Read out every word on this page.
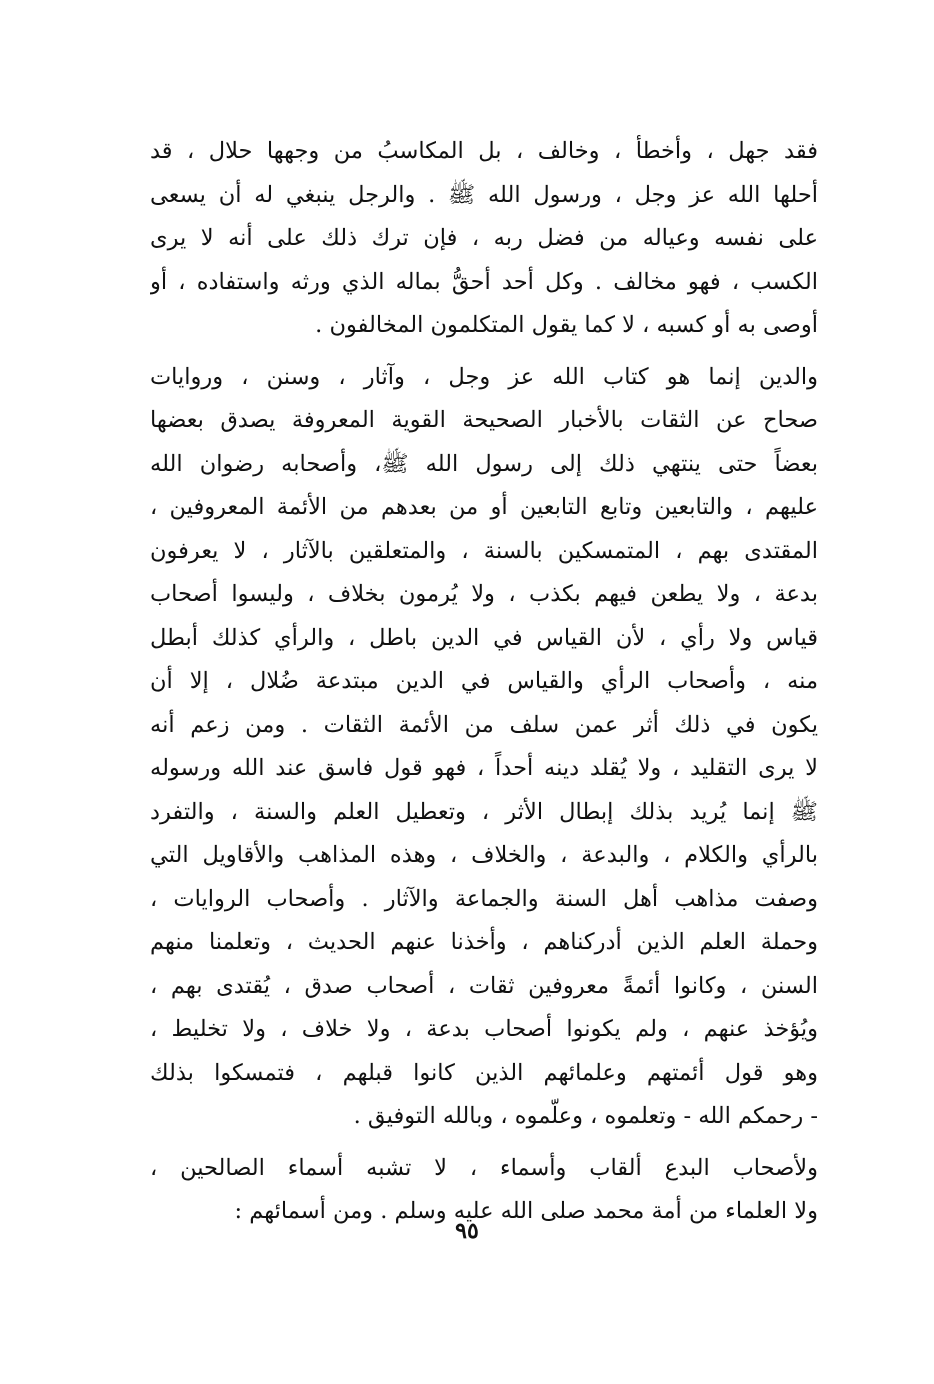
فقد جهل ، وأخطأ ، وخالف ، بل المكاسبُ من وجهها حلال ، قد
أحلها الله عز وجل ، ورسول الله ﷺ . والرجل ينبغي له أن يسعى
على نفسه وعياله من فضل ربه ، فإن ترك ذلك على أنه لا يرى
الكسب ، فهو مخالف . وكل أحد أحقُّ بماله الذي ورثه واستفاده ، أو
أوصى به أو كسبه ، لا كما يقول المتكلمون المخالفون .
والدين إنما هو كتاب الله عز وجل ، وآثار ، وسنن ، وروايات
صحاح عن الثقات بالأخبار الصحيحة القوية المعروفة يصدق بعضها
بعضاً حتى ينتهي ذلك إلى رسول الله ﷺ، وأصحابه رضوان الله
عليهم ، والتابعين وتابع التابعين أو من بعدهم من الأئمة المعروفين ،
المقتدى بهم ، المتمسكين بالسنة ، والمتعلقين بالآثار ، لا يعرفون
بدعة ، ولا يطعن فيهم بكذب ، ولا يُرمون بخلاف ، وليسوا أصحاب
قياس ولا رأي ، لأن القياس في الدين باطل ، والرأي كذلك أبطل
منه ، وأصحاب الرأي والقياس في الدين مبتدعة ضُلال ، إلا أن
يكون في ذلك أثر عمن سلف من الأئمة الثقات . ومن زعم أنه
لا يرى التقليد ، ولا يُقلد دينه أحداً ، فهو قول فاسق عند الله ورسوله
ﷺ إنما يُريد بذلك إبطال الأثر ، وتعطيل العلم والسنة ، والتفرد
بالرأي والكلام ، والبدعة ، والخلاف ، وهذه المذاهب والأقاويل التي
وصفت مذاهب أهل السنة والجماعة والآثار . وأصحاب الروايات ،
وحملة العلم الذين أدركناهم ، وأخذنا عنهم الحديث ، وتعلمنا منهم
السنن ، وكانوا أئمةً معروفين ثقات ، أصحاب صدق ، يُقتدى بهم ،
ويُؤخذ عنهم ، ولم يكونوا أصحاب بدعة ، ولا خلاف ، ولا تخليط ،
وهو قول أئمتهم وعلمائهم الذين كانوا قبلهم ، فتمسكوا بذلك
- رحمكم الله - وتعلموه ، وعلّموه ، وبالله التوفيق .
ولأصحاب البدع ألقاب وأسماء ، لا تشبه أسماء الصالحين ،
ولا العلماء من أمة محمد صلى الله عليه وسلم . ومن أسمائهم :
٩٥
